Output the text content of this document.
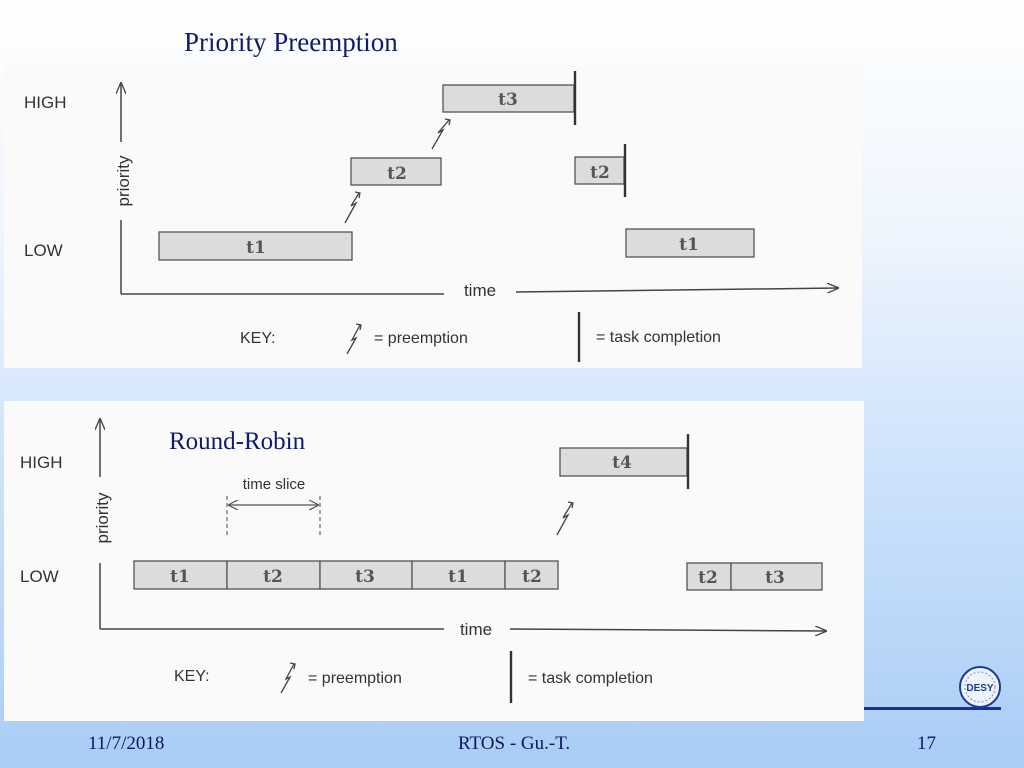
Priority Preemption
HIGH
LOW
priority
time
t3
t2	t2
t1	t1
KEY:	= preemption	= task completion
HIGH
LOW
priority
time
time slice
t1	t2	t3	t1	t2
t4
t2	t3
KEY:	= preemption	= task completion
Round-Robin
DESY
11/7/2018	RTOS - Gu.-T.	17
